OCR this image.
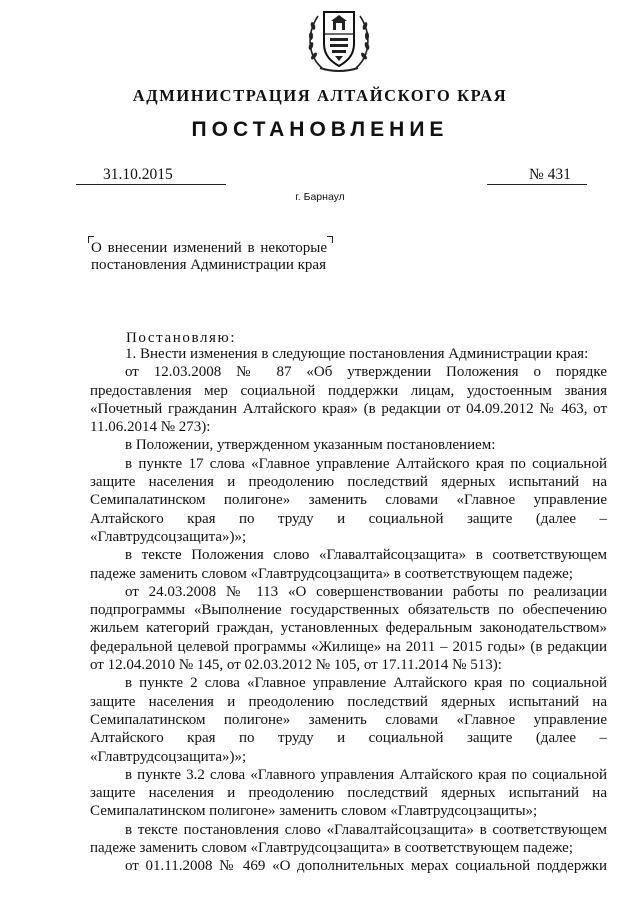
АДМИНИСТРАЦИЯ АЛТАЙСКОГО КРАЯ
ПОСТАНОВЛЕНИЕ
31.10.2015	№ 431
г. Барнаул
О внесении изменений в некоторые
постановления Администрации края
Постановляю:

1. Внести изменения в следующие постановления Администрации края:

от 12.03.2008 № 87 «Об утверждении Положения о порядке предоставления мер социальной поддержки лицам, удостоенным звания «Почетный гражданин Алтайского края» (в редакции от 04.09.2012 № 463, от 11.06.2014 № 273):

в Положении, утвержденном указанным постановлением:

в пункте 17 слова «Главное управление Алтайского края по социальной защите населения и преодолению последствий ядерных испытаний на Семипалатинском полигоне» заменить словами «Главное управление Алтайского края по труду и социальной защите (далее – «Главтрудсоцзащита»)»;

в тексте Положения слово «Главалтайсоцзащита» в соответствующем падеже заменить словом «Главтрудсоцзащита» в соответствующем падеже;

от 24.03.2008 № 113 «О совершенствовании работы по реализации подпрограммы «Выполнение государственных обязательств по обеспечению жильем категорий граждан, установленных федеральным законодательством» федеральной целевой программы «Жилище» на 2011 – 2015 годы» (в редакции от 12.04.2010 № 145, от 02.03.2012 № 105, от 17.11.2014 № 513):

в пункте 2 слова «Главное управление Алтайского края по социальной защите населения и преодолению последствий ядерных испытаний на Семипалатинском полигоне» заменить словами «Главное управление Алтайского края по труду и социальной защите (далее – «Главтрудсоцзащита»)»;

в пункте 3.2 слова «Главного управления Алтайского края по социальной защите населения и преодолению последствий ядерных испытаний на Семипалатинском полигоне» заменить словом «Главтрудсоцзащиты»;

в тексте постановления слово «Главалтайсоцзащита» в соответствующем падеже заменить словом «Главтрудсоцзащита» в соответствующем падеже;

от 01.11.2008 № 469 «О дополнительных мерах социальной поддержки
